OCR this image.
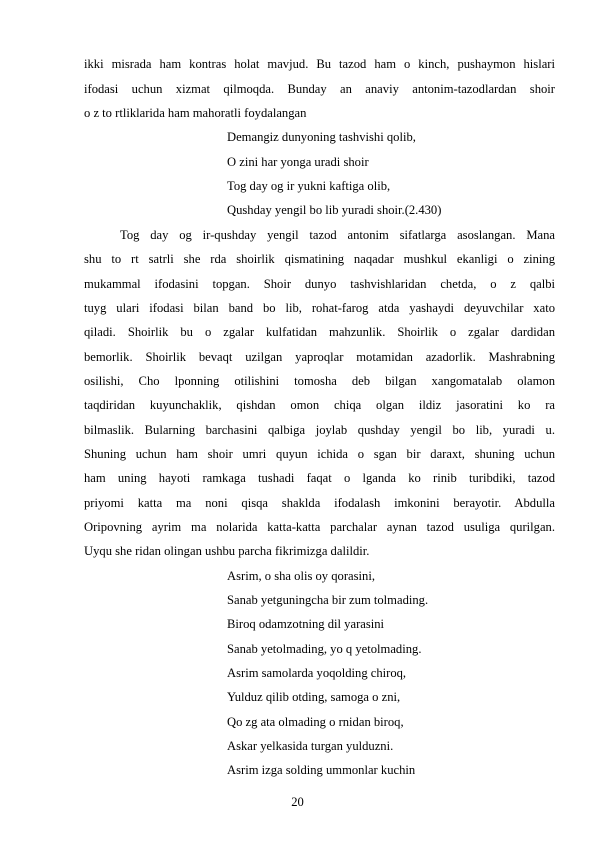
ikki misrada ham kontras holat mavjud. Bu tazod ham o kinch, pushaymon hislari
ifodasi uchun xizmat qilmoqda. Bunday an anaviy antonim-tazodlardan shoir
o z to rtliklarida ham mahoratli foydalangan
Demangiz dunyoning tashvishi qolib,
O zini har yonga uradi shoir
Tog day og ir yukni kaftiga olib,
Qushday yengil bo lib yuradi shoir.(2.430)
Tog day og ir-qushday yengil tazod antonim sifatlarga asoslangan. Mana
shu to rt satrli she rda shoirlik qismatining naqadar mushkul ekanligi o zining
mukammal ifodasini topgan. Shoir dunyo tashvishlaridan chetda, o z qalbi
tuyg ulari ifodasi bilan band bo lib, rohat-farog atda yashaydi deyuvchilar xato
qiladi. Shoirlik bu o zgalar kulfatidan mahzunlik. Shoirlik o zgalar dardidan
bemorlik. Shoirlik bevaqt uzilgan yaproqlar motamidan azadorlik. Mashrabning
osilishi, Cho lponning otilishini tomosha deb bilgan xangomatalab olamon
taqdiridan kuyunchaklik, qishdan omon chiqa olgan ildiz jasoratini ko ra
bilmaslik. Bularning barchasini qalbiga joylab qushday yengil bo lib, yuradi u.
Shuning uchun ham shoir umri quyun ichida o sgan bir daraxt, shuning uchun
ham uning hayoti ramkaga tushadi faqat o lganda ko rinib turibdiki, tazod
priyomi katta ma noni qisqa shaklda ifodalash imkonini berayotir. Abdulla
Oripovning ayrim ma nolarida katta-katta parchalar aynan tazod usuliga qurilgan.
Uyqu she ridan olingan ushbu parcha fikrimizga dalildir.
Asrim, o sha olis oy qorasini,
Sanab yetguningcha bir zum tolmading.
Biroq odamzotning dil yarasini
Sanab yetolmading, yo q yetolmading.
Asrim samolarda yoqolding chiroq,
Yulduz qilib otding, samoga o zni,
Qo zg ata olmading o rnidan biroq,
Askar yelkasida turgan yulduzni.
Asrim izga solding ummonlar kuchin
20
